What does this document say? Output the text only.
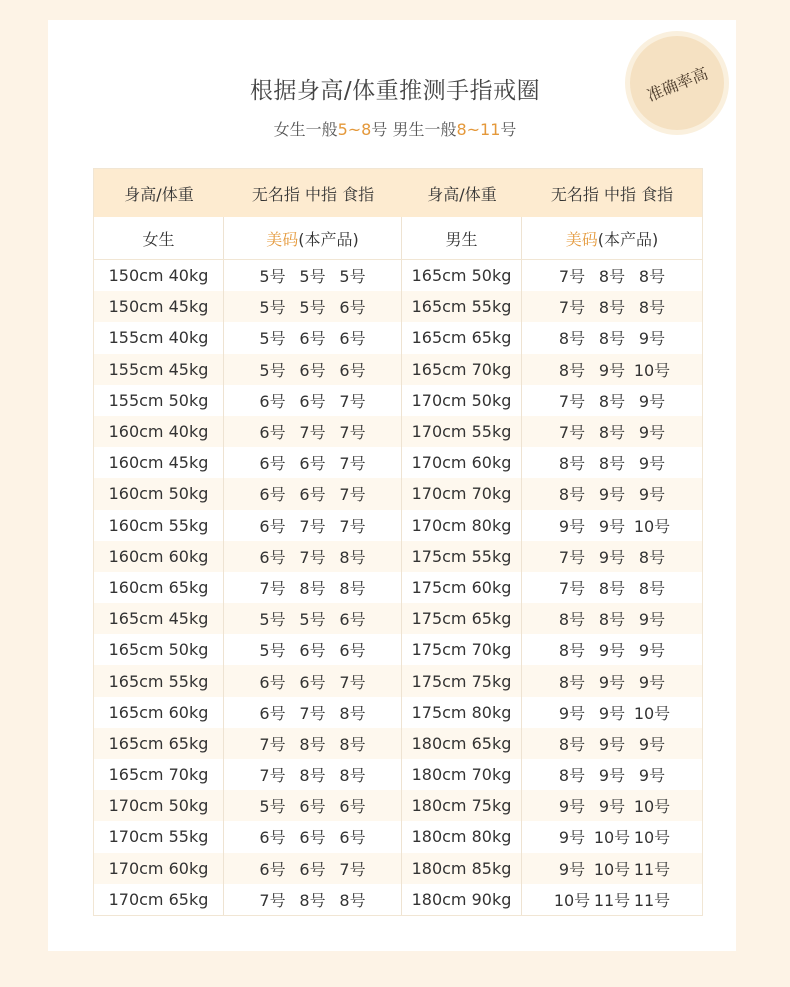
根据身高/体重推测手指戒圈
女生一般5~8号 男生一般8~11号
准确率高
身高/体重	无名指 中指 食指	身高/体重	无名指 中指 食指
女生	美码 (本产品)	男生	美码 (本产品)
150cm 40kg	5号 5号 5号	165cm 50kg	7号 8号 8号
150cm 45kg	5号 5号 6号	165cm 55kg	7号 8号 8号
155cm 40kg	5号 6号 6号	165cm 65kg	8号 8号 9号
155cm 45kg	5号 6号 6号	165cm 70kg	8号 9号 10号
155cm 50kg	6号 6号 7号	170cm 50kg	7号 8号 9号
160cm 40kg	6号 7号 7号	170cm 55kg	7号 8号 9号
160cm 45kg	6号 6号 7号	170cm 60kg	8号 8号 9号
160cm 50kg	6号 6号 7号	170cm 70kg	8号 9号 9号
160cm 55kg	6号 7号 7号	170cm 80kg	9号 9号 10号
160cm 60kg	6号 7号 8号	175cm 55kg	7号 9号 8号
160cm 65kg	7号 8号 8号	175cm 60kg	7号 8号 8号
165cm 45kg	5号 5号 6号	175cm 65kg	8号 8号 9号
165cm 50kg	5号 6号 6号	175cm 70kg	8号 9号 9号
165cm 55kg	6号 6号 7号	175cm 75kg	8号 9号 9号
165cm 60kg	6号 7号 8号	175cm 80kg	9号 9号 10号
165cm 65kg	7号 8号 8号	180cm 65kg	8号 9号 9号
165cm 70kg	7号 8号 8号	180cm 70kg	8号 9号 9号
170cm 50kg	5号 6号 6号	180cm 75kg	9号 9号 10号
170cm 55kg	6号 6号 6号	180cm 80kg	9号 10号 10号
170cm 60kg	6号 6号 7号	180cm 85kg	9号 10号 11号
170cm 65kg	7号 8号 8号	180cm 90kg	10号 11号 11号
